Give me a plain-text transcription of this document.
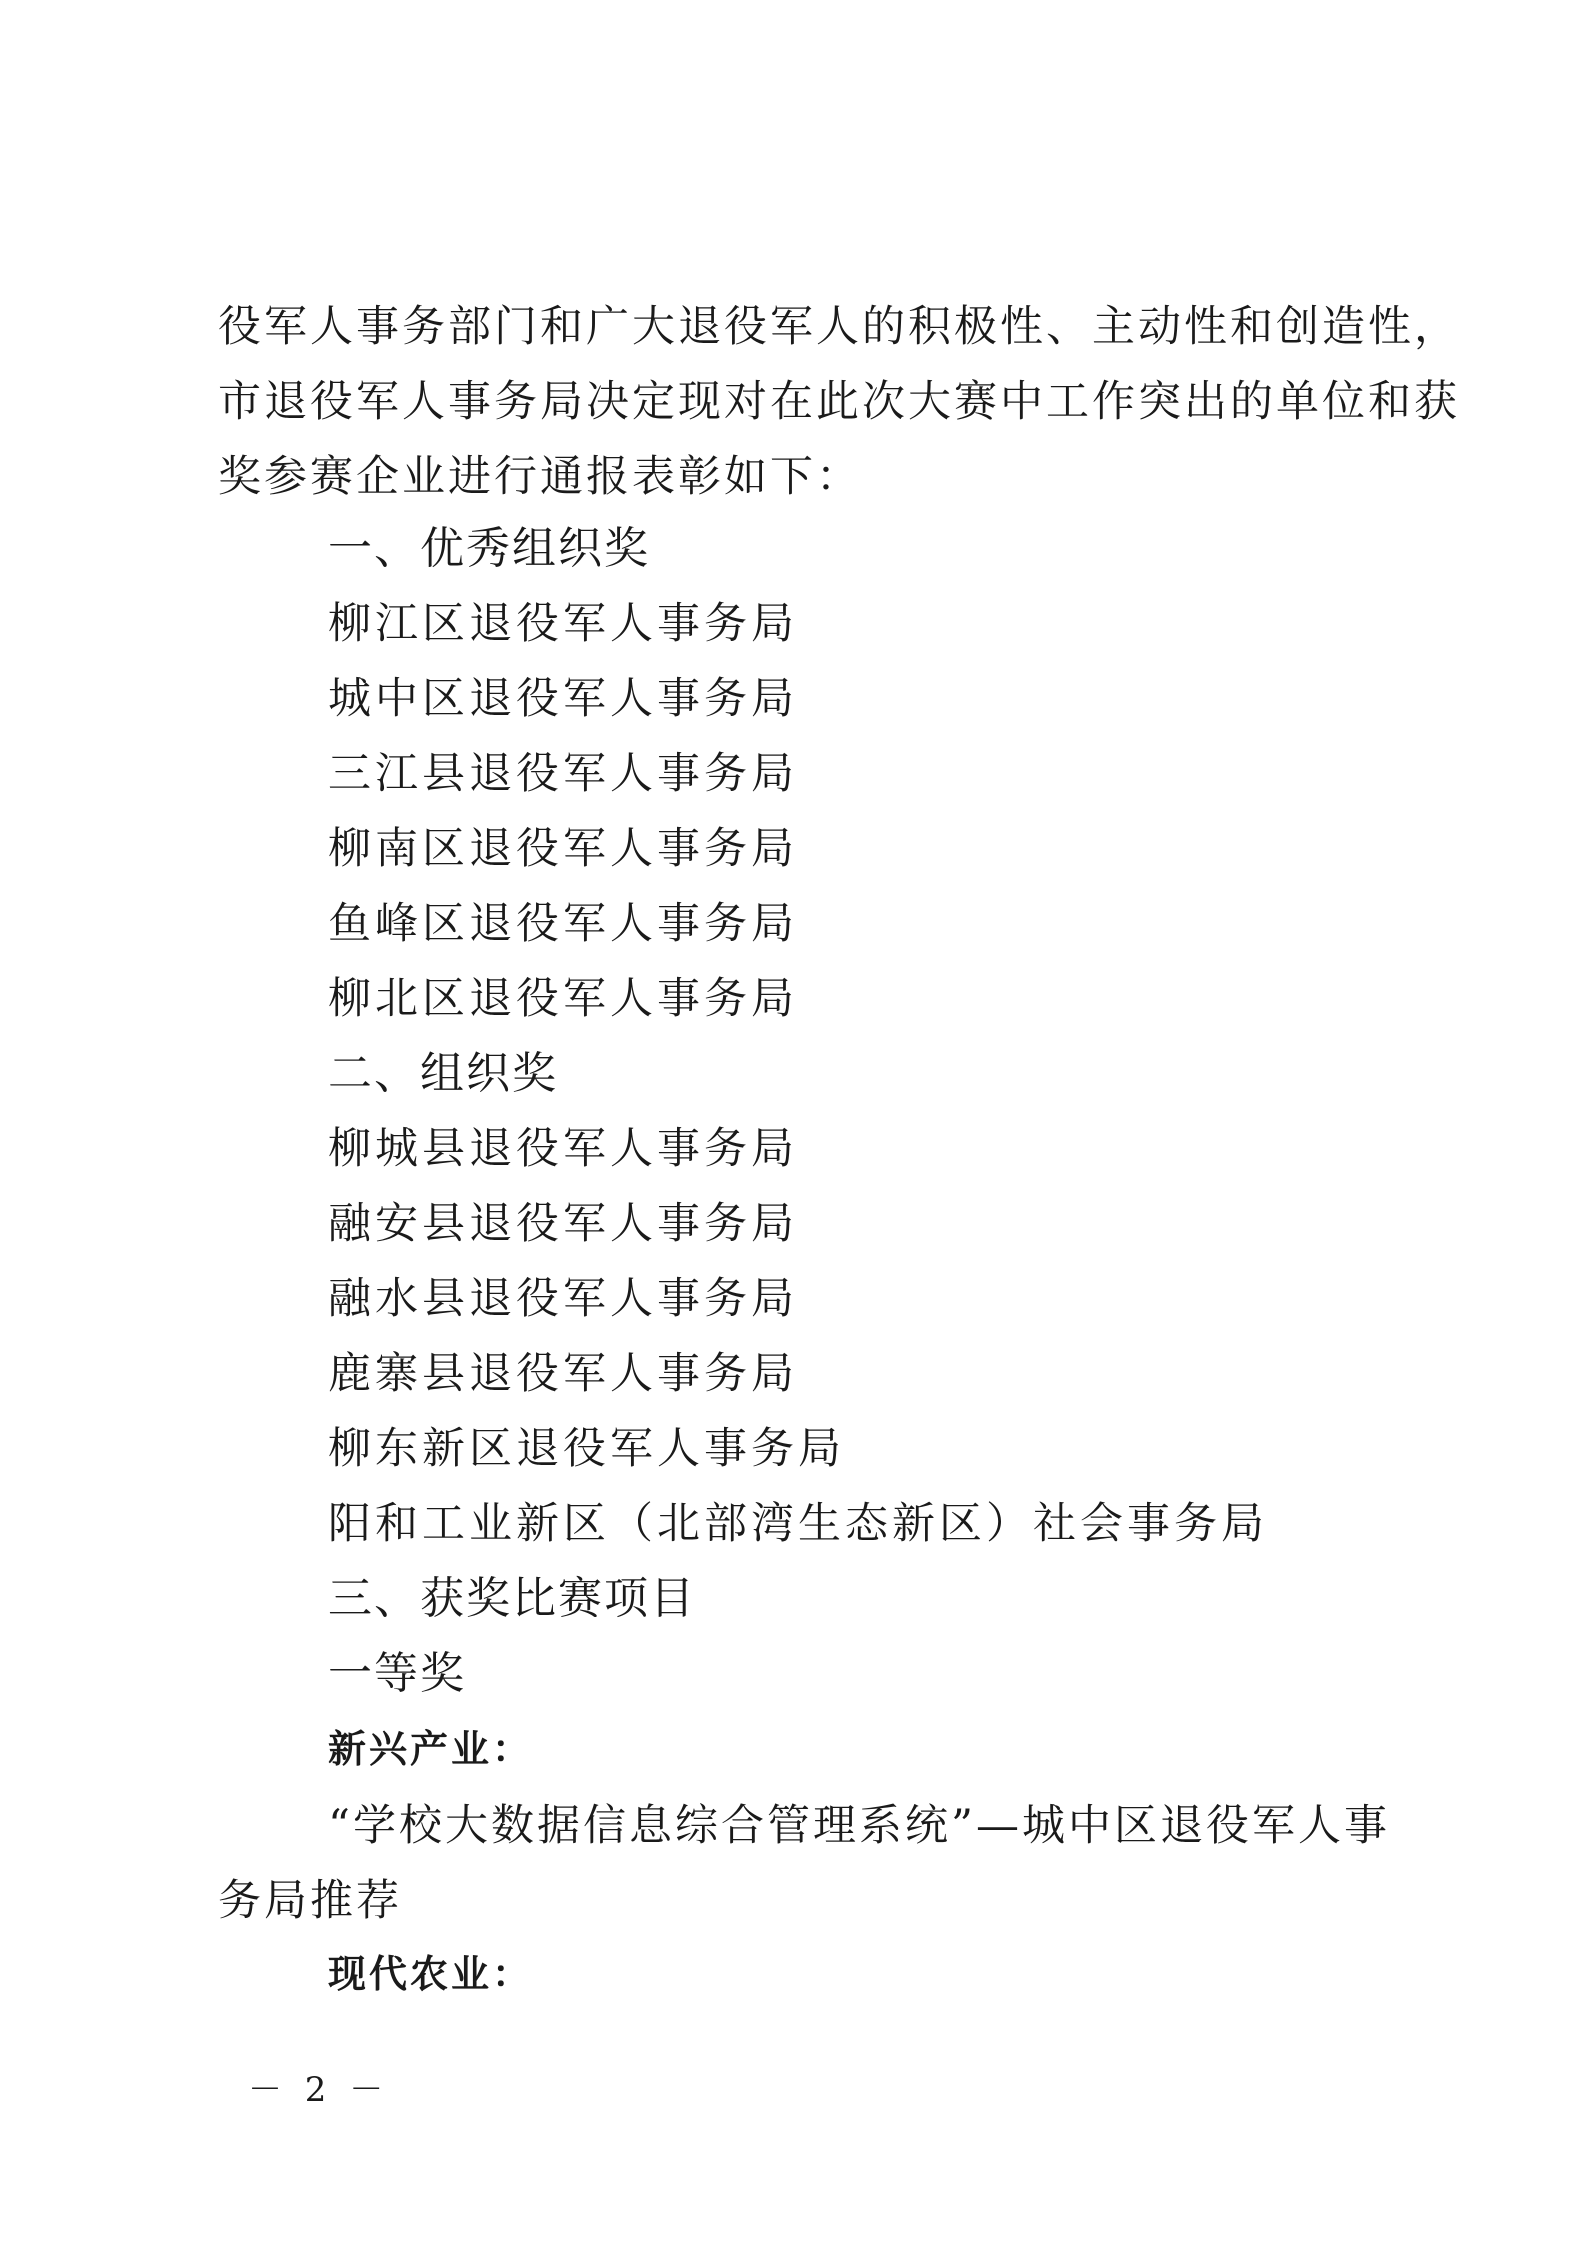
役军人事务部门和广大退役军人的积极性、主动性和创造性，
市退役军人事务局决定现对在此次大赛中工作突出的单位和获
奖参赛企业进行通报表彰如下：
一、优秀组织奖
柳江区退役军人事务局
城中区退役军人事务局
三江县退役军人事务局
柳南区退役军人事务局
鱼峰区退役军人事务局
柳北区退役军人事务局
二、组织奖
柳城县退役军人事务局
融安县退役军人事务局
融水县退役军人事务局
鹿寨县退役军人事务局
柳东新区退役军人事务局
阳和工业新区（北部湾生态新区）社会事务局
三、获奖比赛项目
一等奖
新兴产业：
“学校大数据信息综合管理系统”—城中区退役军人事
务局推荐
现代农业：
－ 2 －
